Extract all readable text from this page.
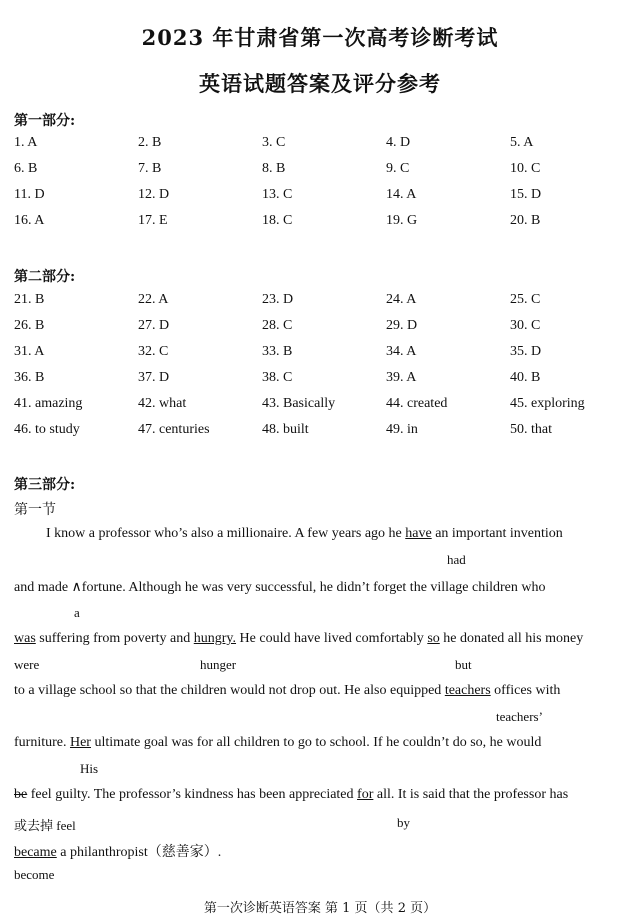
2023 年甘肃省第一次高考诊断考试
英语试题答案及评分参考
第一部分:
1. A	2. B	3. C	4. D	5. A
6. B	7. B	8. B	9. C	10. C
11. D	12. D	13. C	14. A	15. D
16. A	17. E	18. C	19. G	20. B
第二部分:
21. B	22. A	23. D	24. A	25. C
26. B	27. D	28. C	29. D	30. C
31. A	32. C	33. B	34. A	35. D
36. B	37. D	38. C	39. A	40. B
41. amazing	42. what	43. Basically	44. created	45. exploring
46. to study	47. centuries	48. built	49. in	50. that
第三部分:
第一节
I know a professor who’s also a millionaire. A few years ago he have an important invention
had
and made ∧fortune. Although he was very successful, he didn’t forget the village children who
a
was suffering from poverty and hungry. He could have lived comfortably so he donated all his money
were	hunger	but
to a village school so that the children would not drop out. He also equipped teachers offices with
teachers’
furniture. Her ultimate goal was for all children to go to school. If he couldn’t do so, he would
His
be feel guilty. The professor’s kindness has been appreciated for all. It is said that the professor has
或去掉 feel	by
became a philanthropist（慈善家）.
become
第一次诊断英语答案 第 1 页（共 2 页）
